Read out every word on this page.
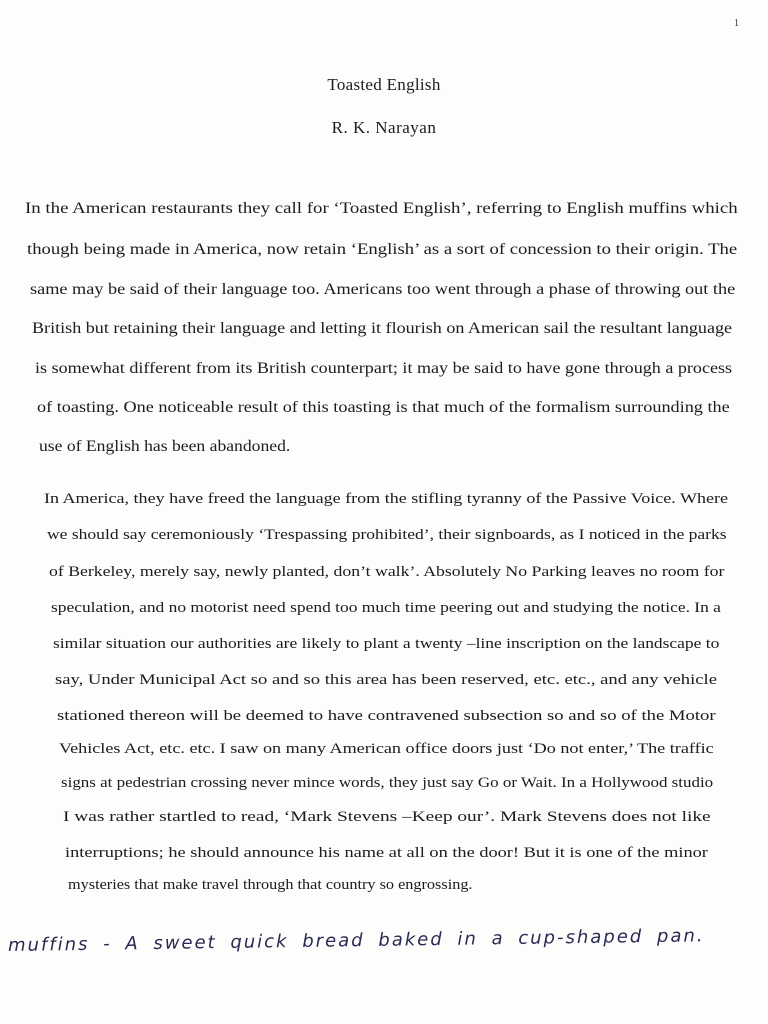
1
Toasted English
R. K. Narayan
In the American restaurants they call for ‘Toasted English’, referring to English muffins which
though being made in America, now retain ‘English’ as a sort of concession to their origin. The
same may be said of their language too. Americans too went through a phase of throwing out the
British but retaining their language and letting it flourish on American sail the resultant language
is somewhat different from its British counterpart; it may be said to have gone through a process
of toasting. One noticeable result of this toasting is that much of the formalism surrounding the
use of English has been abandoned.
In America, they have freed the language from the stifling tyranny of the Passive Voice. Where
we should say ceremoniously ‘Trespassing prohibited’, their signboards, as I noticed in the parks
of Berkeley, merely say, newly planted, don’t walk’. Absolutely No Parking leaves no room for
speculation, and no motorist need spend too much time peering out and studying the notice. In a
similar situation our authorities are likely to plant a twenty –line inscription on the landscape to
say, Under Municipal Act so and so this area has been reserved, etc. etc., and any vehicle
stationed thereon will be deemed to have contravened subsection so and so of the Motor
Vehicles Act, etc. etc. I saw on many American office doors just ‘Do not enter,’ The traffic
signs at pedestrian crossing never mince words, they just say Go or Wait. In a Hollywood studio
I was rather startled to read, ‘Mark Stevens –Keep our’. Mark Stevens does not like
interruptions; he should announce his name at all on the door! But it is one of the minor
mysteries that make travel through that country so engrossing.
muffins - A sweet quick bread baked in a cup-shaped pan.
